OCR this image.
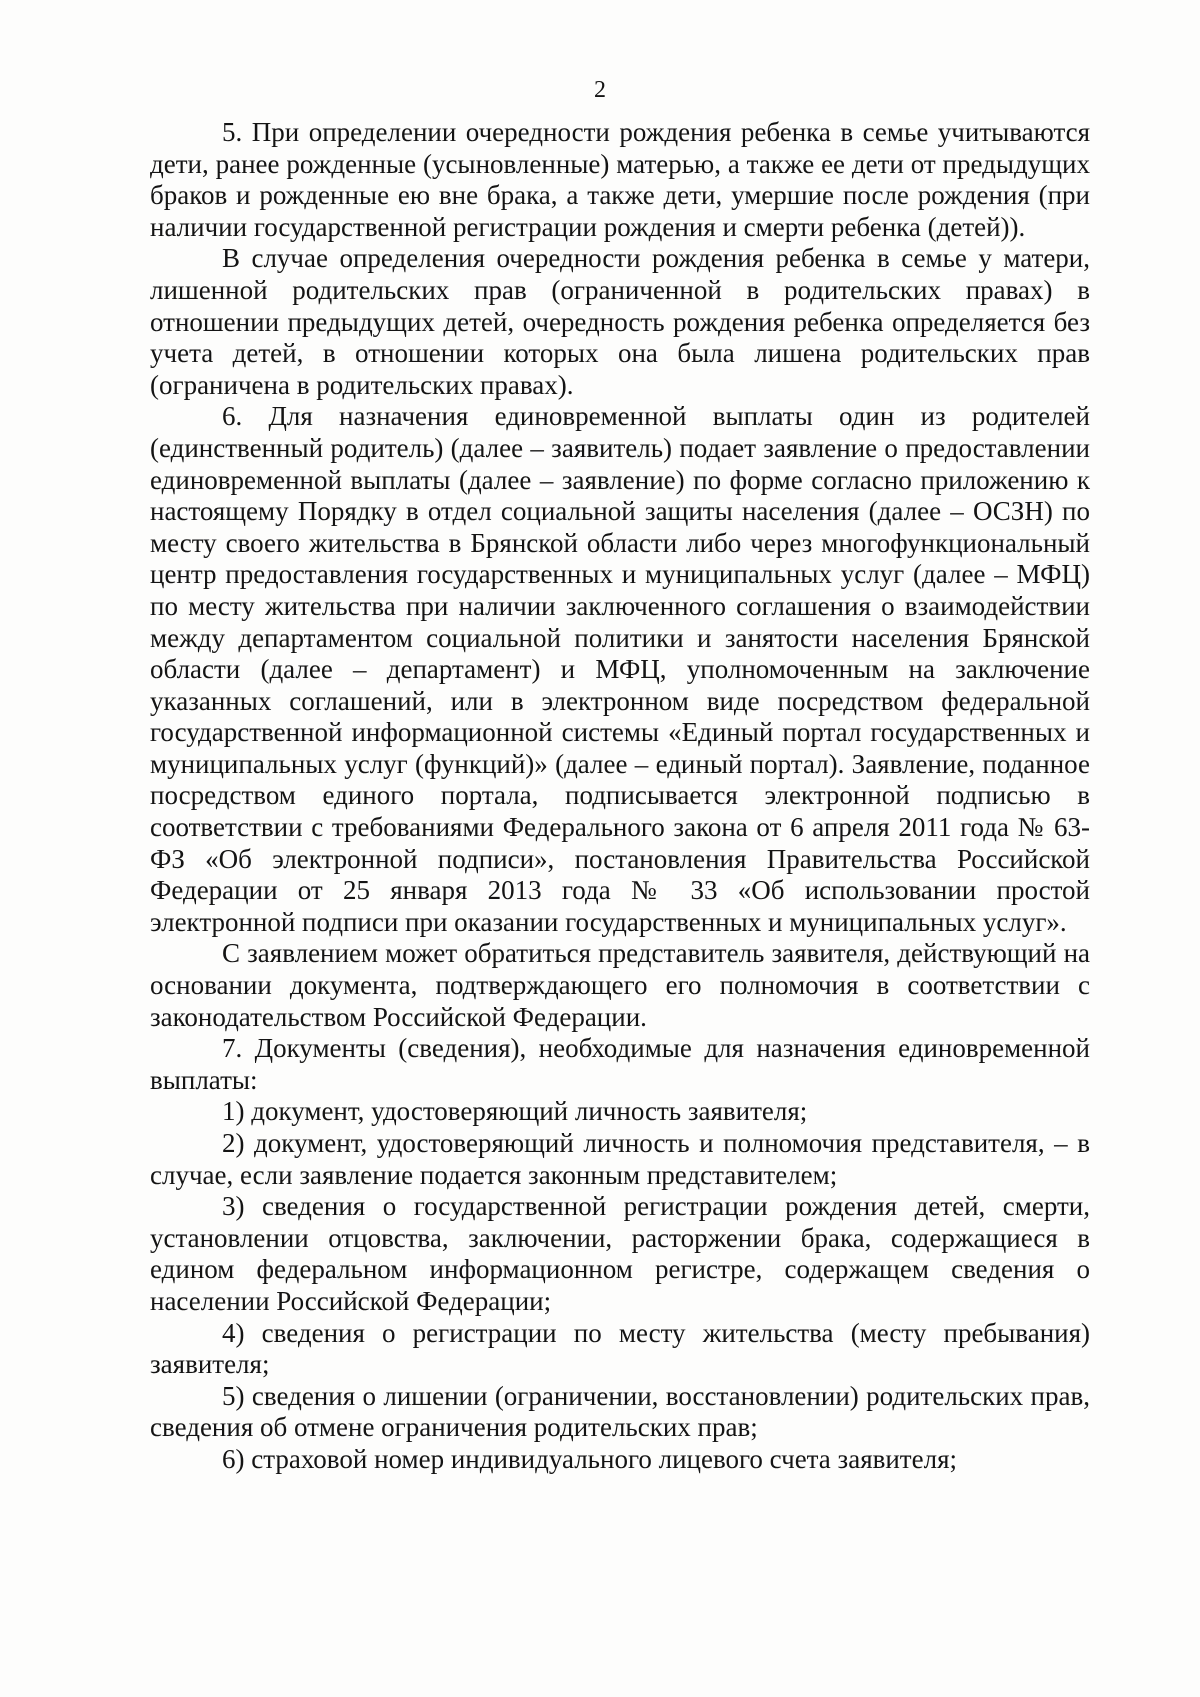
2

5. При определении очередности рождения ребенка в семье учитываются дети, ранее рожденные (усыновленные) матерью, а также ее дети от предыдущих браков и рожденные ею вне брака, а также дети, умершие после рождения (при наличии государственной регистрации рождения и смерти ребенка (детей)).

В случае определения очередности рождения ребенка в семье у матери, лишенной родительских прав (ограниченной в родительских правах) в отношении предыдущих детей, очередность рождения ребенка определяется без учета детей, в отношении которых она была лишена родительских прав (ограничена в родительских правах).

6. Для назначения единовременной выплаты один из родителей (единственный родитель) (далее – заявитель) подает заявление о предоставлении единовременной выплаты (далее – заявление) по форме согласно приложению к настоящему Порядку в отдел социальной защиты населения (далее – ОСЗН) по месту своего жительства в Брянской области либо через многофункциональный центр предоставления государственных и муниципальных услуг (далее – МФЦ) по месту жительства при наличии заключенного соглашения о взаимодействии между департаментом социальной политики и занятости населения Брянской области (далее – департамент) и МФЦ, уполномоченным на заключение указанных соглашений, или в электронном виде посредством федеральной государственной информационной системы «Единый портал государственных и муниципальных услуг (функций)» (далее – единый портал). Заявление, поданное посредством единого портала, подписывается электронной подписью в соответствии с требованиями Федерального закона от 6 апреля 2011 года № 63-ФЗ «Об электронной подписи», постановления Правительства Российской Федерации от 25 января 2013 года № 33 «Об использовании простой электронной подписи при оказании государственных и муниципальных услуг».

С заявлением может обратиться представитель заявителя, действующий на основании документа, подтверждающего его полномочия в соответствии с законодательством Российской Федерации.

7. Документы (сведения), необходимые для назначения единовременной выплаты:

1) документ, удостоверяющий личность заявителя;

2) документ, удостоверяющий личность и полномочия представителя, – в случае, если заявление подается законным представителем;

3) сведения о государственной регистрации рождения детей, смерти, установлении отцовства, заключении, расторжении брака, содержащиеся в едином федеральном информационном регистре, содержащем сведения о населении Российской Федерации;

4) сведения о регистрации по месту жительства (месту пребывания) заявителя;

5) сведения о лишении (ограничении, восстановлении) родительских прав, сведения об отмене ограничения родительских прав;

6) страховой номер индивидуального лицевого счета заявителя;
